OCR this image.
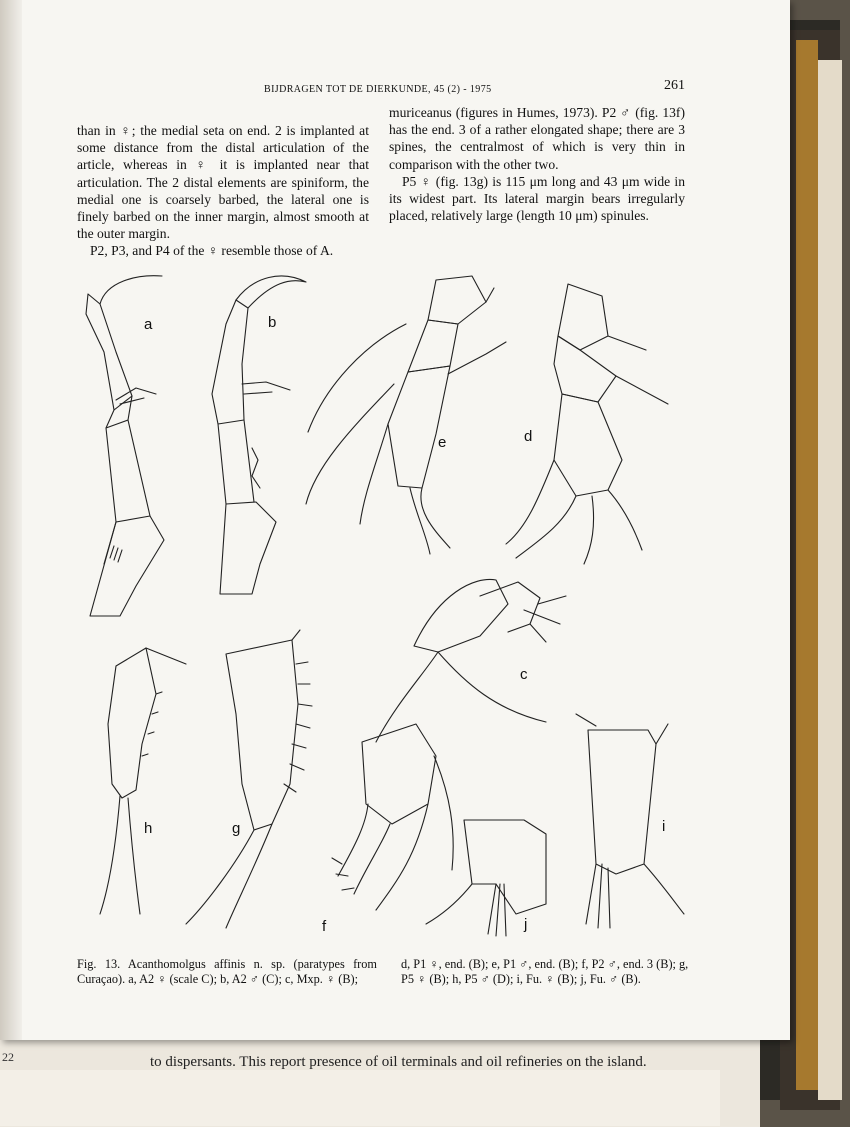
to dispersants. This report presence of oil terminals and oil refineries on the island.
BIJDRAGEN TOT DE DIERKUNDE, 45 (2) - 1975	261

than in ♀; the medial seta on end. 2 is implanted at some distance from the distal articulation of the article, whereas in ♀ it is implanted near that articulation. The 2 distal elements are spiniform, the medial one is coarsely barbed, the lateral one is finely barbed on the inner margin, almost smooth at the outer margin.

P2, P3, and P4 of the ♀ resemble those of A.

muriceanus (figures in Humes, 1973). P2 ♂ (fig. 13f) has the end. 3 of a rather elongated shape; there are 3 spines, the centralmost of which is very thin in comparison with the other two.

P5 ♀ (fig. 13g) is 115 μm long and 43 μm wide in its widest part. Its lateral margin bears irregularly placed, relatively large (length 10 μm) spinules.

a	b
c
d
e
f
g
h	i
j
Fig. 13. Acanthomolgus affinis n. sp. (paratypes from Curaçao). a, A2 ♀ (scale C); b, A2 ♂ (C); c, Mxp. ♀ (B);
d, P1 ♀, end. (B); e, P1 ♂, end. (B); f, P2 ♂, end. 3 (B); g, P5 ♀ (B); h, P5 ♂ (D); i, Fu. ♀ (B); j, Fu. ♂ (B).
22
